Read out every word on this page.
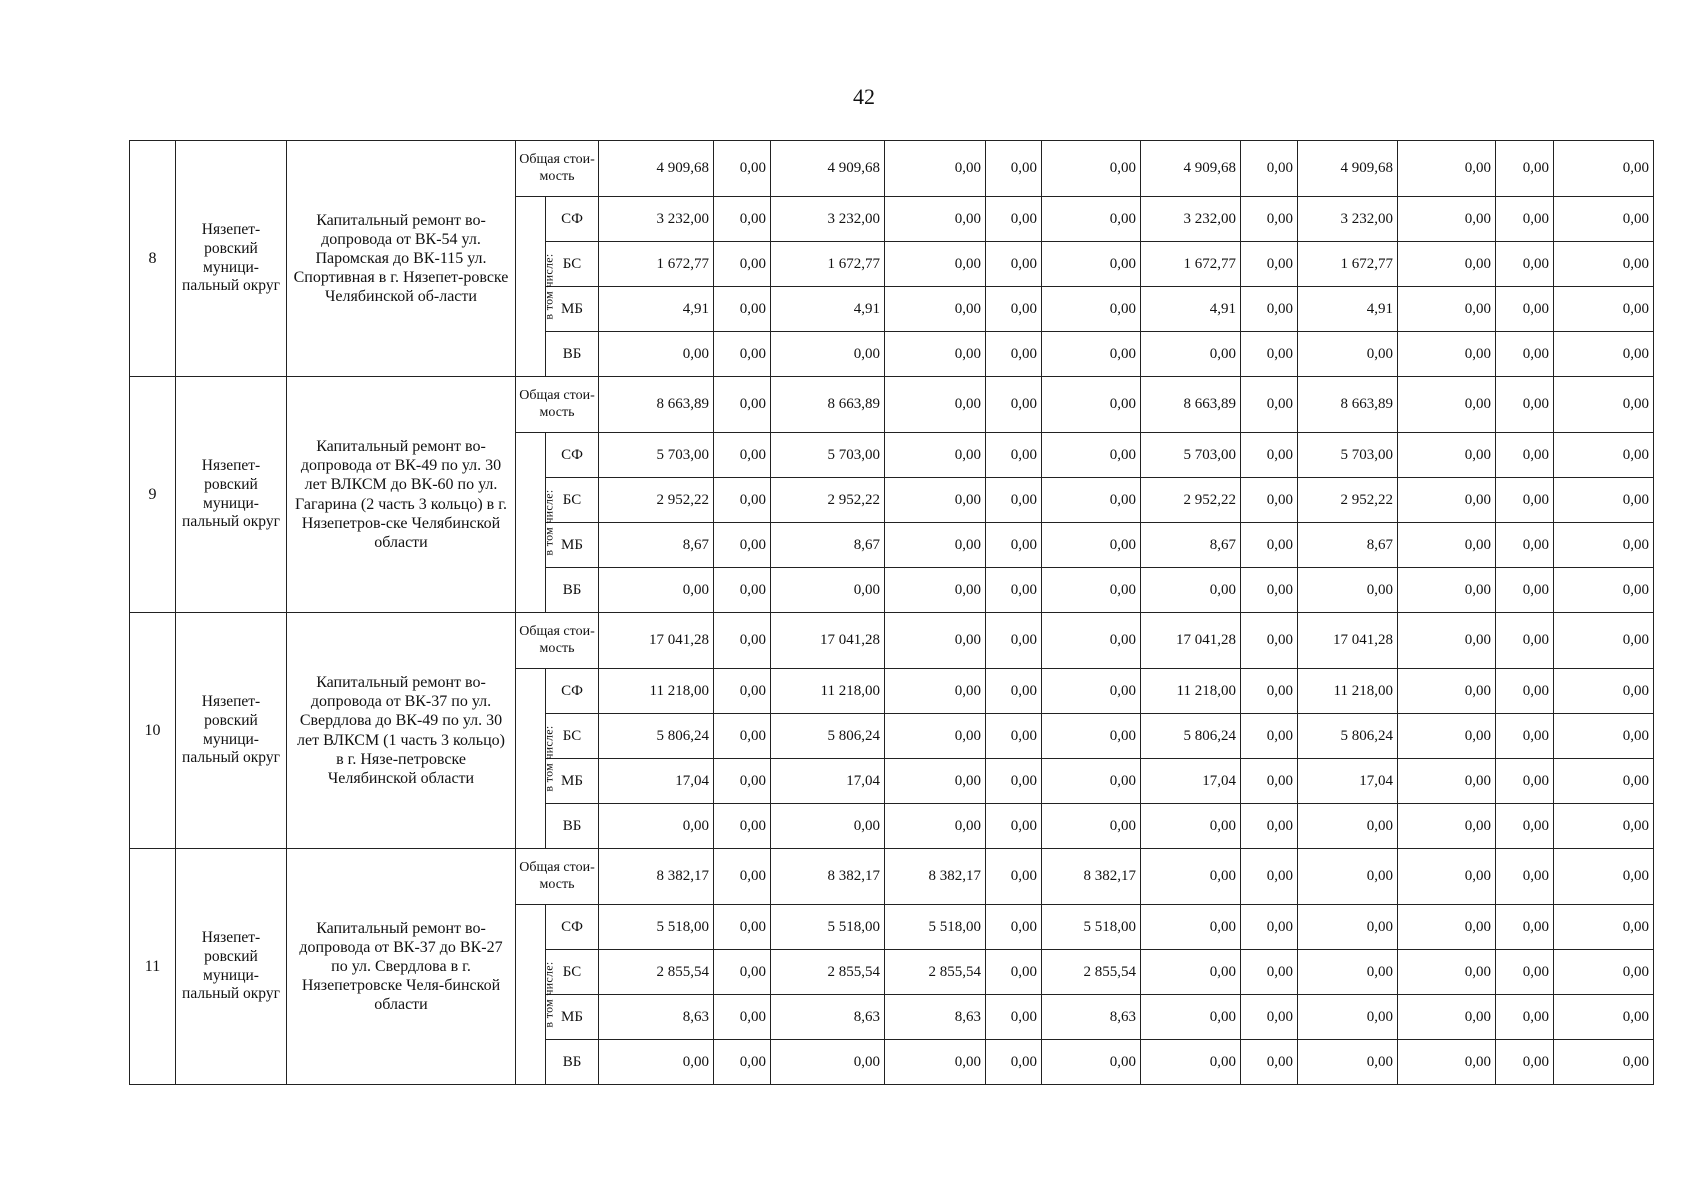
42
8	Нязепет-ровский муници-пальный округ	Капитальный ремонт во-допровода от ВК-54 ул. Паромская до ВК-115 ул. Спортивная в г. Нязепет-ровске Челябинской об-ласти	Общая стои-мость		4 909,68	0,00	4 909,68	0,00	0,00	0,00	4 909,68	0,00	4 909,68	0,00	0,00	0,00
			в том числе:	СФ	3 232,00	0,00	3 232,00	0,00	0,00	0,00	3 232,00	0,00	3 232,00	0,00	0,00	0,00
				БС	1 672,77	0,00	1 672,77	0,00	0,00	0,00	1 672,77	0,00	1 672,77	0,00	0,00	0,00
				МБ	4,91	0,00	4,91	0,00	0,00	0,00	4,91	0,00	4,91	0,00	0,00	0,00
				ВБ	0,00	0,00	0,00	0,00	0,00	0,00	0,00	0,00	0,00	0,00	0,00	0,00
9	Нязепет-ровский муници-пальный округ	Капитальный ремонт во-допровода от ВК-49 по ул. 30 лет ВЛКСМ до ВК-60 по ул. Гагарина (2 часть 3 кольцо) в г. Нязепетров-ске Челябинской области	Общая стои-мость		8 663,89	0,00	8 663,89	0,00	0,00	0,00	8 663,89	0,00	8 663,89	0,00	0,00	0,00
			в том числе:	СФ	5 703,00	0,00	5 703,00	0,00	0,00	0,00	5 703,00	0,00	5 703,00	0,00	0,00	0,00
				БС	2 952,22	0,00	2 952,22	0,00	0,00	0,00	2 952,22	0,00	2 952,22	0,00	0,00	0,00
				МБ	8,67	0,00	8,67	0,00	0,00	0,00	8,67	0,00	8,67	0,00	0,00	0,00
				ВБ	0,00	0,00	0,00	0,00	0,00	0,00	0,00	0,00	0,00	0,00	0,00	0,00
10	Нязепет-ровский муници-пальный округ	Капитальный ремонт во-допровода от ВК-37 по ул. Свердлова до ВК-49 по ул. 30 лет ВЛКСМ (1 часть 3 кольцо) в г. Нязе-петровске Челябинской области	Общая стои-мость		17 041,28	0,00	17 041,28	0,00	0,00	0,00	17 041,28	0,00	17 041,28	0,00	0,00	0,00
			в том числе:	СФ	11 218,00	0,00	11 218,00	0,00	0,00	0,00	11 218,00	0,00	11 218,00	0,00	0,00	0,00
				БС	5 806,24	0,00	5 806,24	0,00	0,00	0,00	5 806,24	0,00	5 806,24	0,00	0,00	0,00
				МБ	17,04	0,00	17,04	0,00	0,00	0,00	17,04	0,00	17,04	0,00	0,00	0,00
				ВБ	0,00	0,00	0,00	0,00	0,00	0,00	0,00	0,00	0,00	0,00	0,00	0,00
11	Нязепет-ровский муници-пальный округ	Капитальный ремонт во-допровода от ВК-37 до ВК-27 по ул. Свердлова в г. Нязепетровске Челя-бинской области	Общая стои-мость		8 382,17	0,00	8 382,17	8 382,17	0,00	8 382,17	0,00	0,00	0,00	0,00	0,00	0,00
			в том числе:	СФ	5 518,00	0,00	5 518,00	5 518,00	0,00	5 518,00	0,00	0,00	0,00	0,00	0,00	0,00
				БС	2 855,54	0,00	2 855,54	2 855,54	0,00	2 855,54	0,00	0,00	0,00	0,00	0,00	0,00
				МБ	8,63	0,00	8,63	8,63	0,00	8,63	0,00	0,00	0,00	0,00	0,00	0,00
				ВБ	0,00	0,00	0,00	0,00	0,00	0,00	0,00	0,00	0,00	0,00	0,00	0,00
